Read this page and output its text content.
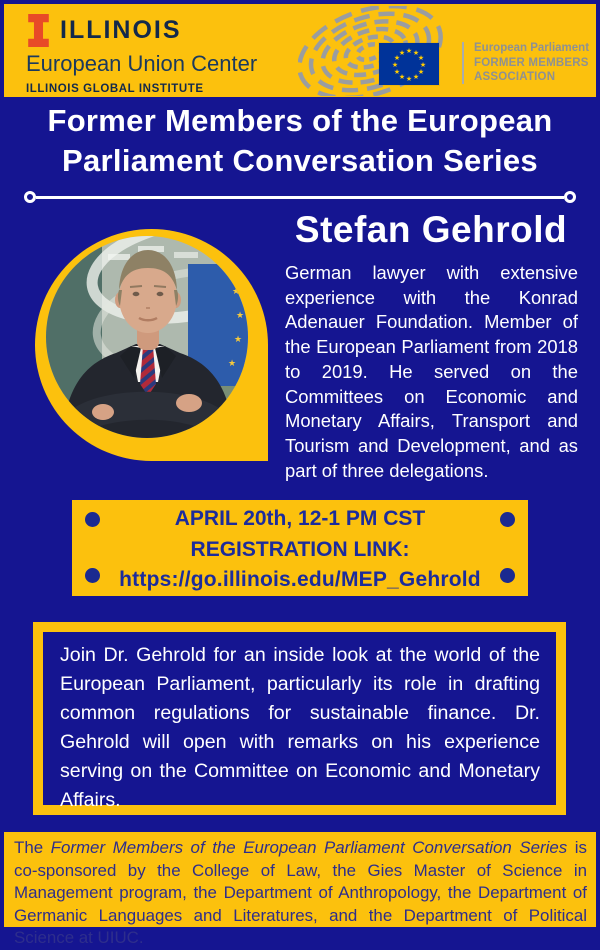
ILLINOIS
European Union Center
ILLINOIS GLOBAL INSTITUTE
★ ★
★
★
★
★
★
★
★
★
★
★	European Parliament
FORMER MEMBERS
ASSOCIATION
Former Members of the European
Parliament Conversation Series
Stefan Gehrold
German lawyer with extensive experience with the Konrad Adenauer Foundation. Member of the European Parliament from 2018 to 2019. He served on the Committees on Economic and Monetary Affairs, Transport and Tourism and Development, and as part of three delegations.
★
★
★
★
APRIL 20th, 12-1 PM CST
REGISTRATION LINK:
https://go.illinois.edu/MEP_Gehrold
Join Dr. Gehrold for an inside look at the world of the European Parliament, particularly its role in drafting common regulations for sustainable finance. Dr. Gehrold will open with remarks on his experience serving on the Committee on Economic and Monetary Affairs.
The Former Members of the European Parliament Conversation Series is co-sponsored by the College of Law, the Gies Master of Science in Management program, the Department of Anthropology, the Department of Germanic Languages and Literatures, and the Department of Political Science at UIUC.
